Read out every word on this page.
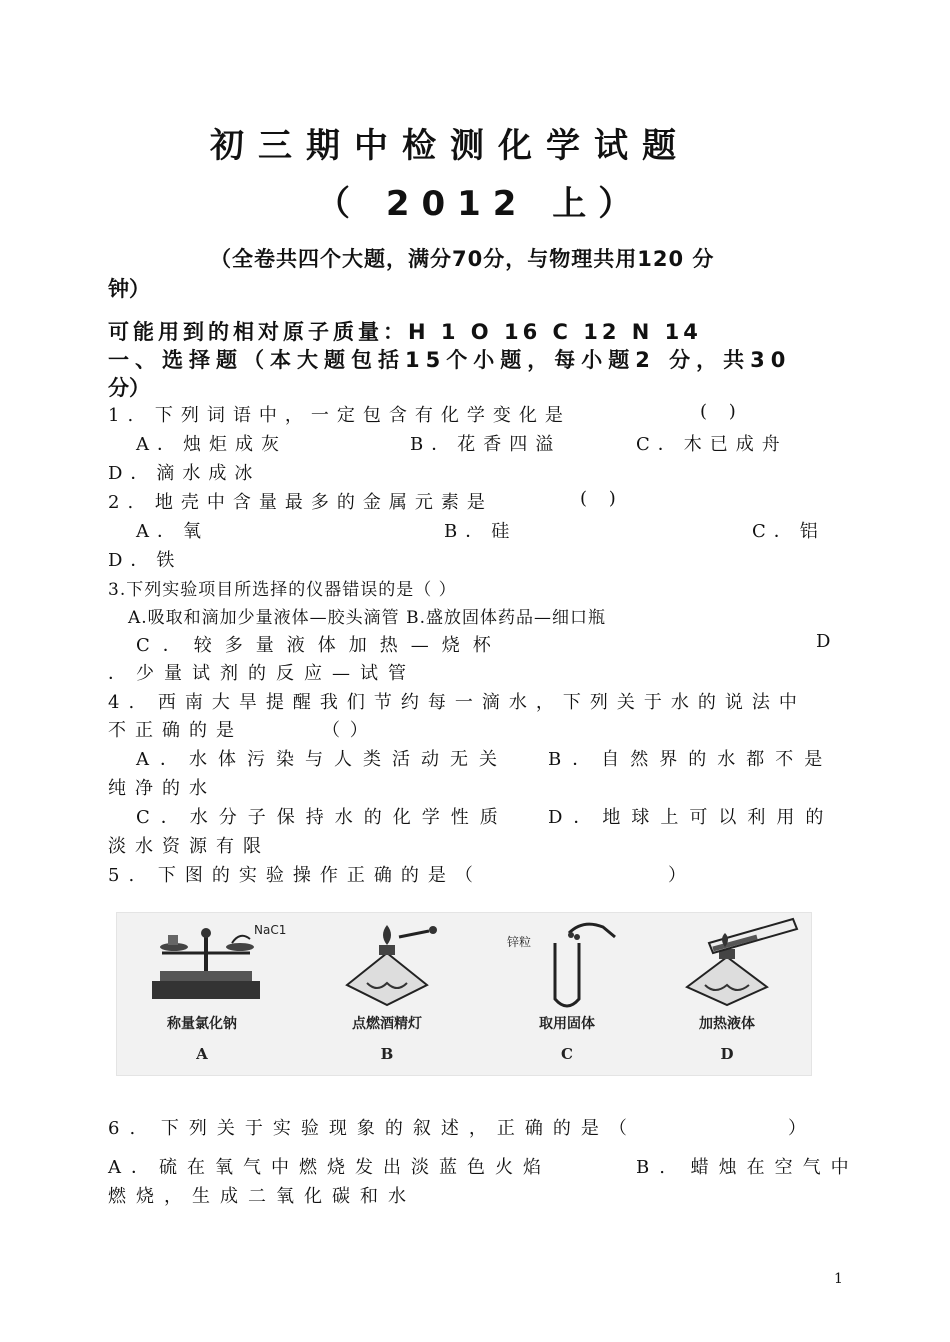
初三期中检测化学试题
（ 2012 上）
（全卷共四个大题，满分70分，与物理共用120 分
钟）
可能用到的相对原子质量：H 1 O 16 C 12 N 14
一、选择题（本大题包括15个小题，每小题2 分，共30
分）
1. 下列词语中，一定包含有化学变化是	( )
A．烛炬成灰	B．花香四溢	C．木已成舟
D．滴水成冰
2. 地壳中含量最多的金属元素是	( )
A．氧	B．硅	C．铝
D．铁
3.下列实验项目所选择的仪器错误的是（ ）
A.吸取和滴加少量液体—胶头滴管 B.盛放固体药品—细口瓶
C．较多量液体加热—烧杯	D
．少量试剂的反应—试管
4. 西南大旱提醒我们节约每一滴水，下列关于水的说法中
不正确的是	（ ）
A．水体污染与人类活动无关 B．自然界的水都不是
纯净的水
C．水分子保持水的化学性质 D．地球上可以利用的
淡水资源有限
5. 下图的实验操作正确的是（	）
NaC1
称量氯化钠
A
点燃酒精灯
B
锌粒
取用固体
C
加热液体
D
6. 下列关于实验现象的叙述，正确的是（	）
A．硫在氧气中燃烧发出淡蓝色火焰	B. 蜡烛在空气中
燃烧，生成二氧化碳和水
1
